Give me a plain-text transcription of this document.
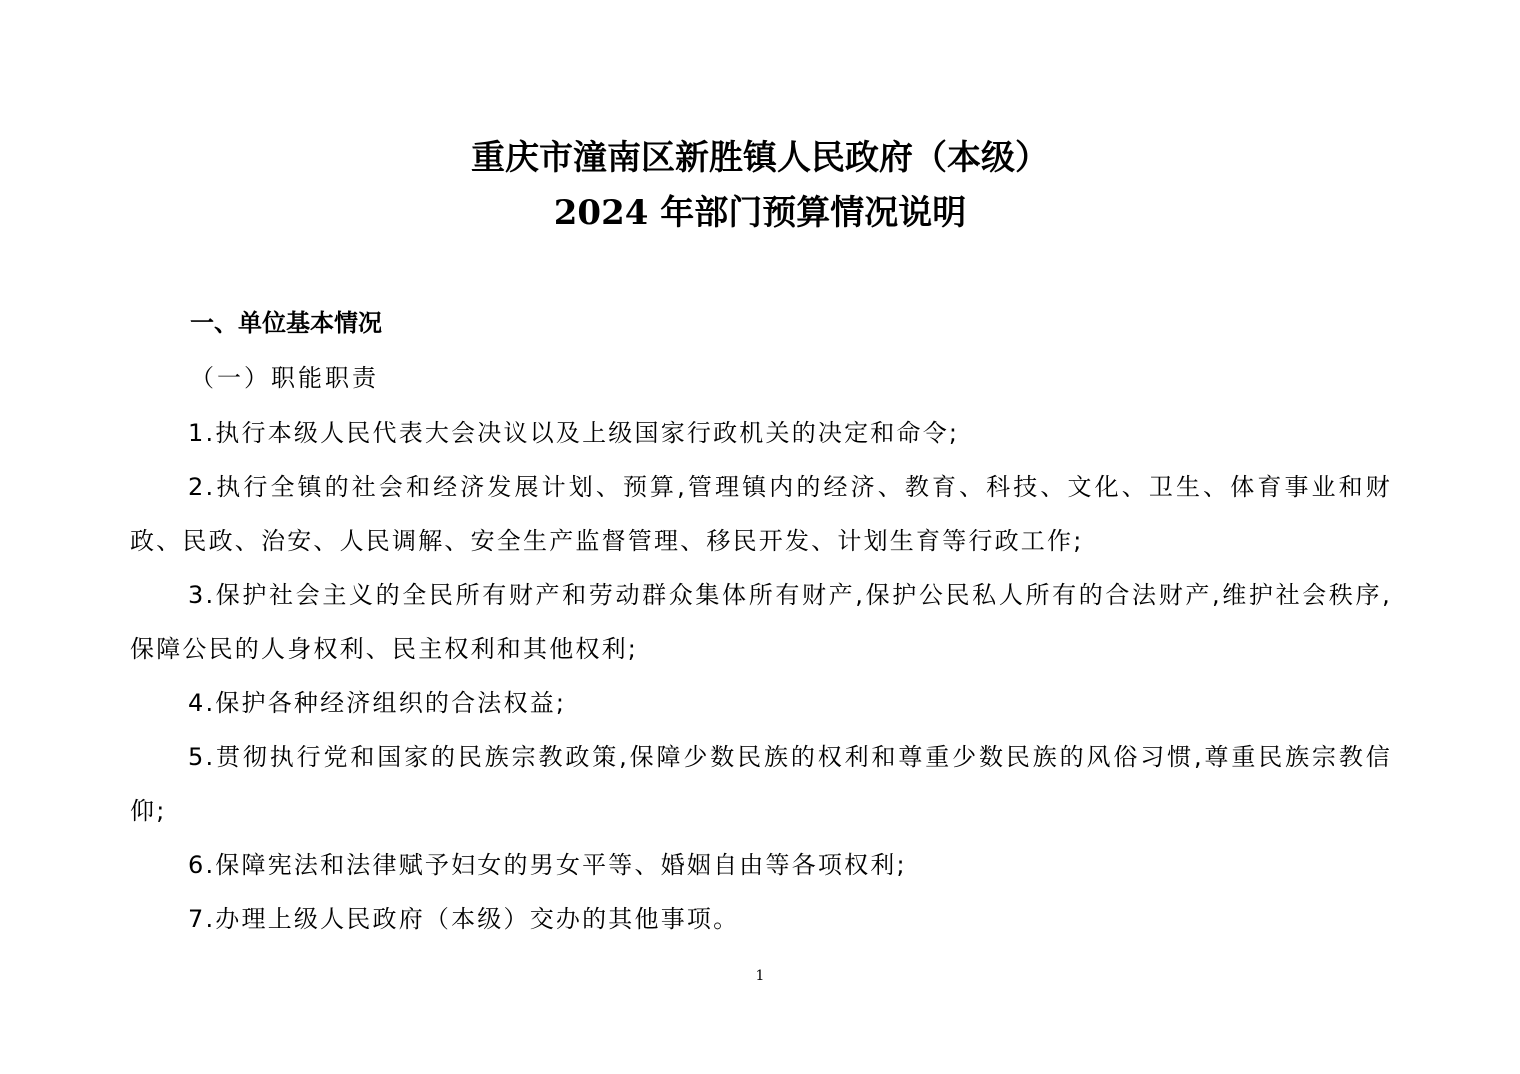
重庆市潼南区新胜镇人民政府（本级）
2024 年部门预算情况说明
一、单位基本情况
（一）职能职责

1.执行本级人民代表大会决议以及上级国家行政机关的决定和命令;

2.执行全镇的社会和经济发展计划、预算,管理镇内的经济、教育、科技、文化、卫生、体育事业和财政、民政、治安、人民调解、安全生产监督管理、移民开发、计划生育等行政工作;

3.保护社会主义的全民所有财产和劳动群众集体所有财产,保护公民私人所有的合法财产,维护社会秩序,保障公民的人身权利、民主权利和其他权利;

4.保护各种经济组织的合法权益;

5.贯彻执行党和国家的民族宗教政策,保障少数民族的权利和尊重少数民族的风俗习惯,尊重民族宗教信仰;

6.保障宪法和法律赋予妇女的男女平等、婚姻自由等各项权利;

7.办理上级人民政府（本级）交办的其他事项。

1
